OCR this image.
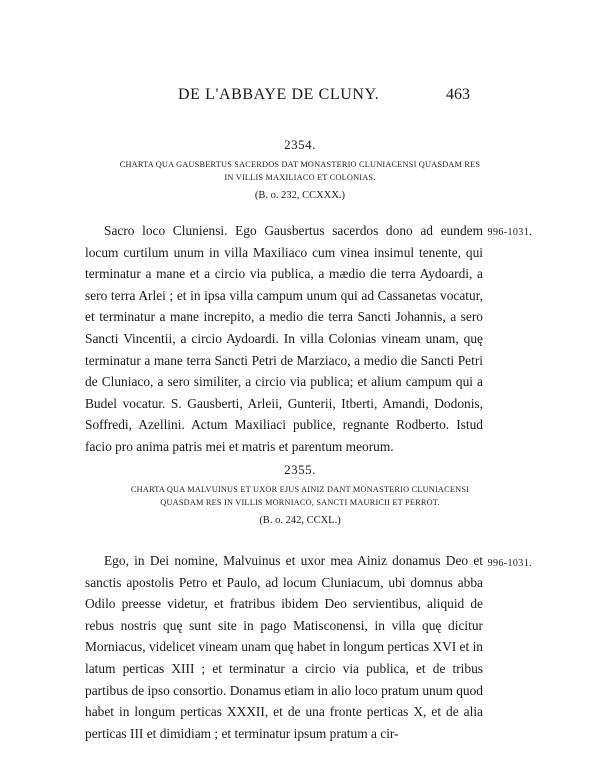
DE L'ABBAYE DE CLUNY.	463
2354.
CHARTA QUA GAUSBERTUS SACERDOS DAT MONASTERIO CLUNIACENSI QUASDAM RES
IN VILLIS MAXILIACO ET COLONIAS.
(B. o. 232, CCXXX.)
996-1031.

Sacro loco Cluniensi. Ego Gausbertus sacerdos dono ad eundem locum curtilum unum in villa Maxiliaco cum vinea insimul tenente, qui terminatur a mane et a circio via publica, a mædio die terra Aydoardi, a sero terra Arlei ; et in ipsa villa campum unum qui ad Cassanetas vocatur, et terminatur a mane increpito, a medio die terra Sancti Johannis, a sero Sancti Vincentii, a circio Aydoardi. In villa Colonias vineam unam, quę terminatur a mane terra Sancti Petri de Marziaco, a medio die Sancti Petri de Cluniaco, a sero similiter, a circio via publica; et alium campum qui a Budel vocatur. S. Gausberti, Arleii, Gunterii, Itberti, Amandi, Dodonis, Soffredi, Azellini. Actum Maxiliaci publice, regnante Rodberto. Istud facio pro anima patris mei et matris et parentum meorum.

2355.
CHARTA QUA MALVUINUS ET UXOR EJUS AINIZ DANT MONASTERIO CLUNIACENSI
QUASDAM RES IN VILLIS MORNIACO, SANCTI MAURICII ET PERROT.
(B. o. 242, CCXL.)
996-1031.

Ego, in Dei nomine, Malvuinus et uxor mea Ainiz donamus Deo et sanctis apostolis Petro et Paulo, ad locum Cluniacum, ubi domnus abba Odilo preesse videtur, et fratribus ibidem Deo servientibus, aliquid de rebus nostris quę sunt site in pago Matisconensi, in villa quę dicitur Morniacus, videlicet vineam unam quę habet in longum perticas XVI et in latum perticas XIII ; et terminatur a circio via publica, et de tribus partibus de ipso consortio. Donamus etiam in alio loco pratum unum quod habet in longum perticas XXXII, et de una fronte perticas X, et de alia perticas III et dimidiam ; et terminatur ipsum pratum a cir-
